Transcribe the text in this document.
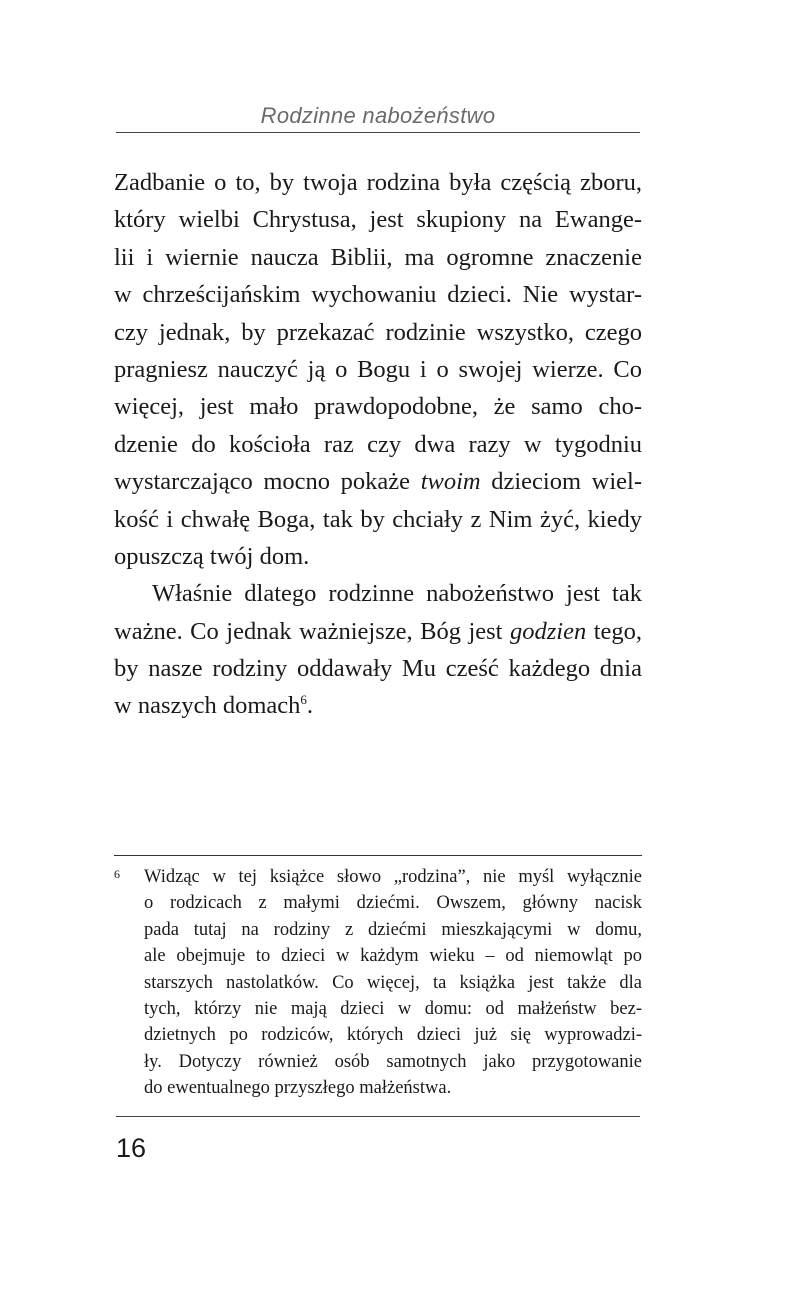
Rodzinne nabożeństwo
Zadbanie o to, by twoja rodzina była częścią zboru,
który wielbi Chrystusa, jest skupiony na Ewange-
lii i wiernie naucza Biblii, ma ogromne znaczenie
w chrześcijańskim wychowaniu dzieci. Nie wystar-
czy jednak, by przekazać rodzinie wszystko, czego
pragniesz nauczyć ją o Bogu i o swojej wierze. Co
więcej, jest mało prawdopodobne, że samo cho-
dzenie do kościoła raz czy dwa razy w tygodniu
wystarczająco mocno pokaże twoim dzieciom wiel-
kość i chwałę Boga, tak by chciały z Nim żyć, kiedy
opuszczą twój dom.
Właśnie dlatego rodzinne nabożeństwo jest tak
ważne. Co jednak ważniejsze, Bóg jest godzien tego,
by nasze rodziny oddawały Mu cześć każdego dnia
w naszych domach$^6$.
6 Widząc w tej książce słowo „rodzina”, nie myśl wyłącznie
o rodzicach z małymi dziećmi. Owszem, główny nacisk
pada tutaj na rodziny z dziećmi mieszkającymi w domu,
ale obejmuje to dzieci w każdym wieku – od niemowląt po
starszych nastolatków. Co więcej, ta książka jest także dla
tych, którzy nie mają dzieci w domu: od małżeństw bez-
dzietnych po rodziców, których dzieci już się wyprowadzi-
ły. Dotyczy również osób samotnych jako przygotowanie
do ewentualnego przyszłego małżeństwa.
16
